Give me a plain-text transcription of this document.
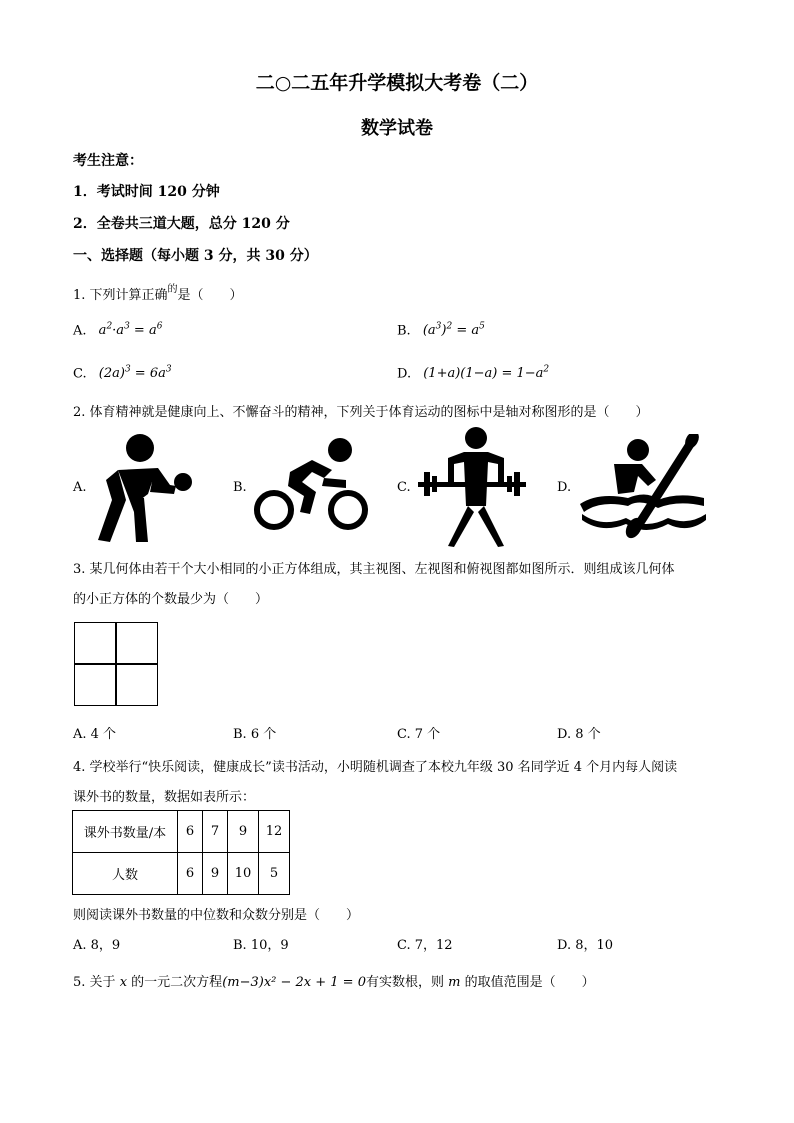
二○二五年升学模拟大考卷（二）
数学试卷
考生注意：
1．考试时间 120 分钟
2．全卷共三道大题，总分 120 分
一、选择题（每小题 3 分，共 30 分）
1. 下列计算正确$^的$是（　　）
A. $a^2\cdot a^3 = a^6$	B. $(a^3)^2 = a^5$
C. $(2a)^3 = 6a^3$	D. $(1+a)(1-a) = 1-a^2$
2. 体育精神就是健康向上、不懈奋斗的精神，下列关于体育运动的图标中是轴对称图形的是（　　）
A.	B.	C.	D.
3. 某几何体由若干个大小相同的小正方体组成，其主视图、左视图和俯视图都如图所示．则组成该几何体
的小正方体的个数最少为（　　）
A. 4 个	B. 6 个	C. 7 个	D. 8 个
4. 学校举行“快乐阅读，健康成长”读书活动，小明随机调查了本校九年级 30 名同学近 4 个月内每人阅读
课外书的数量，数据如表所示：
课外书数量/本	6	7	9	12
人数	6	9	10	5
则阅读课外书数量的中位数和众数分别是（　　）
A. 8，9	B. 10，9	C. 7，12	D. 8，10
5. 关于 x 的一元二次方程(m−3)x² − 2x + 1 = 0有实数根，则 m 的取值范围是（　　）
